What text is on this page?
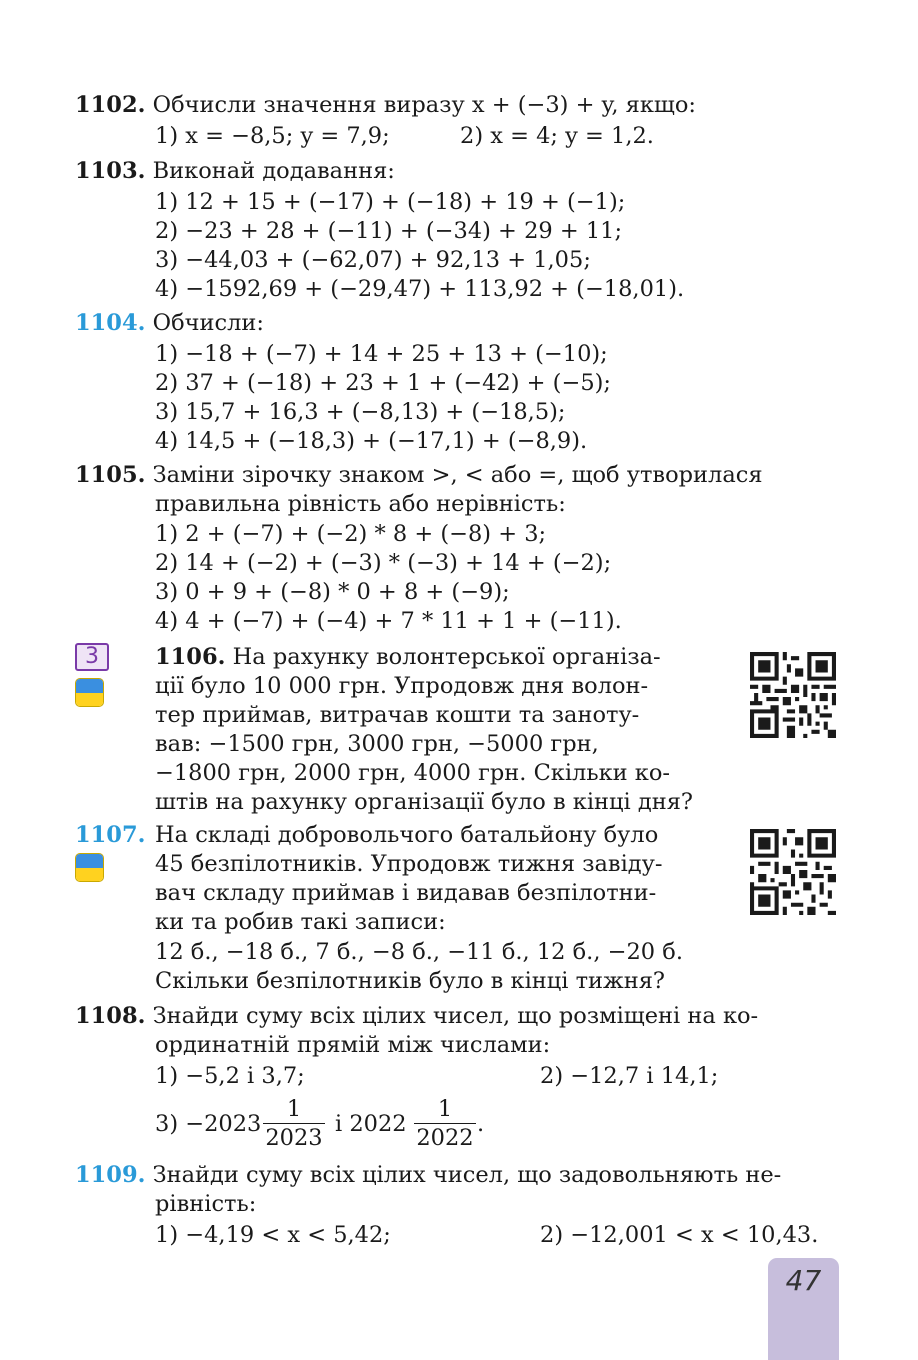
1102. Обчисли значення виразу x + (−3) + y, якщо:
1) x = −8,5; y = 7,9;	2) x = 4; y = 1,2.
1103. Виконай додавання:
1) 12 + 15 + (−17) + (−18) + 19 + (−1);
2) −23 + 28 + (−11) + (−34) + 29 + 11;
3) −44,03 + (−62,07) + 92,13 + 1,05;
4) −1592,69 + (−29,47) + 113,92 + (−18,01).
1104. Обчисли:
1) −18 + (−7) + 14 + 25 + 13 + (−10);
2) 37 + (−18) + 23 + 1 + (−42) + (−5);
3) 15,7 + 16,3 + (−8,13) + (−18,5);
4) 14,5 + (−18,3) + (−17,1) + (−8,9).
1105. Заміни зірочку знаком >, < або =, щоб утворилася
правильна рівність або нерівність:
1) 2 + (−7) + (−2) * 8 + (−8) + 3;
2) 14 + (−2) + (−3) * (−3) + 14 + (−2);
3) 0 + 9 + (−8) * 0 + 8 + (−9);
4) 4 + (−7) + (−4) + 7 * 11 + 1 + (−11).
3	1106. На рахунку волонтерської організа-
ції було 10 000 грн. Упродовж дня волон-
тер приймав, витрачав кошти та заноту-
вав: −1500 грн, 3000 грн, −5000 грн,
−1800 грн, 2000 грн, 4000 грн. Скільки ко-
штів на рахунку організації було в кінці дня?
1107. На складі добровольчого батальйону було
45 безпілотників. Упродовж тижня завіду-
вач складу приймав і видавав безпілотни-
ки та робив такі записи:
12 б., −18 б., 7 б., −8 б., −11 б., 12 б., −20 б.
Скільки безпілотників було в кінці тижня?
1108. Знайди суму всіх цілих чисел, що розміщені на ко-
ординатній прямій між числами:
1) −5,2 і 3,7;	2) −12,7 і 14,1;
$3) -2023 \frac{1}{2023}$ і $2022 \frac{1}{2022}$ .
1109. Знайди суму всіх цілих чисел, що задовольняють не-
рівність:
1) −4,19 < x < 5,42;	2) −12,001 < x < 10,43.
47
